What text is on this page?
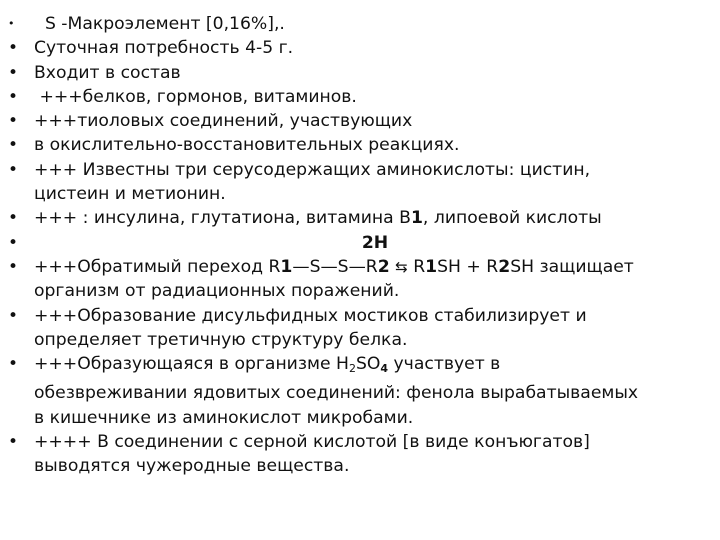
•	S -Макроэлемент [0,16%],.
• Суточная потребность 4-5 г.
• Входит в состав
•	+++белков, гормонов, витаминов.
• +++тиоловых соединений, участвующих
• в окислительно-восстановительных реакциях.
• +++ Известны три серусодержащих аминокислоты: цистин,
цистеин и метионин.
• +++ : инсулина, глутатиона, витамина В1, липоевой кислоты
•	2Н
• +++Обратимый переход R1—S—S—R2 ⇆ R1SH + R2SH защищает
организм от радиационных поражений.
• +++Образование дисульфидных мостиков стабилизирует и
определяет третичную структуру белка.
• +++Образующаяся в организме $H_2SO_4$ участвует в
обезвреживании ядовитых соединений: фенола вырабатываемых
в кишечнике из аминокислот микробами.
• ++++ В соединении с серной кислотой [в виде конъюгатов]
выводятся чужеродные вещества.
